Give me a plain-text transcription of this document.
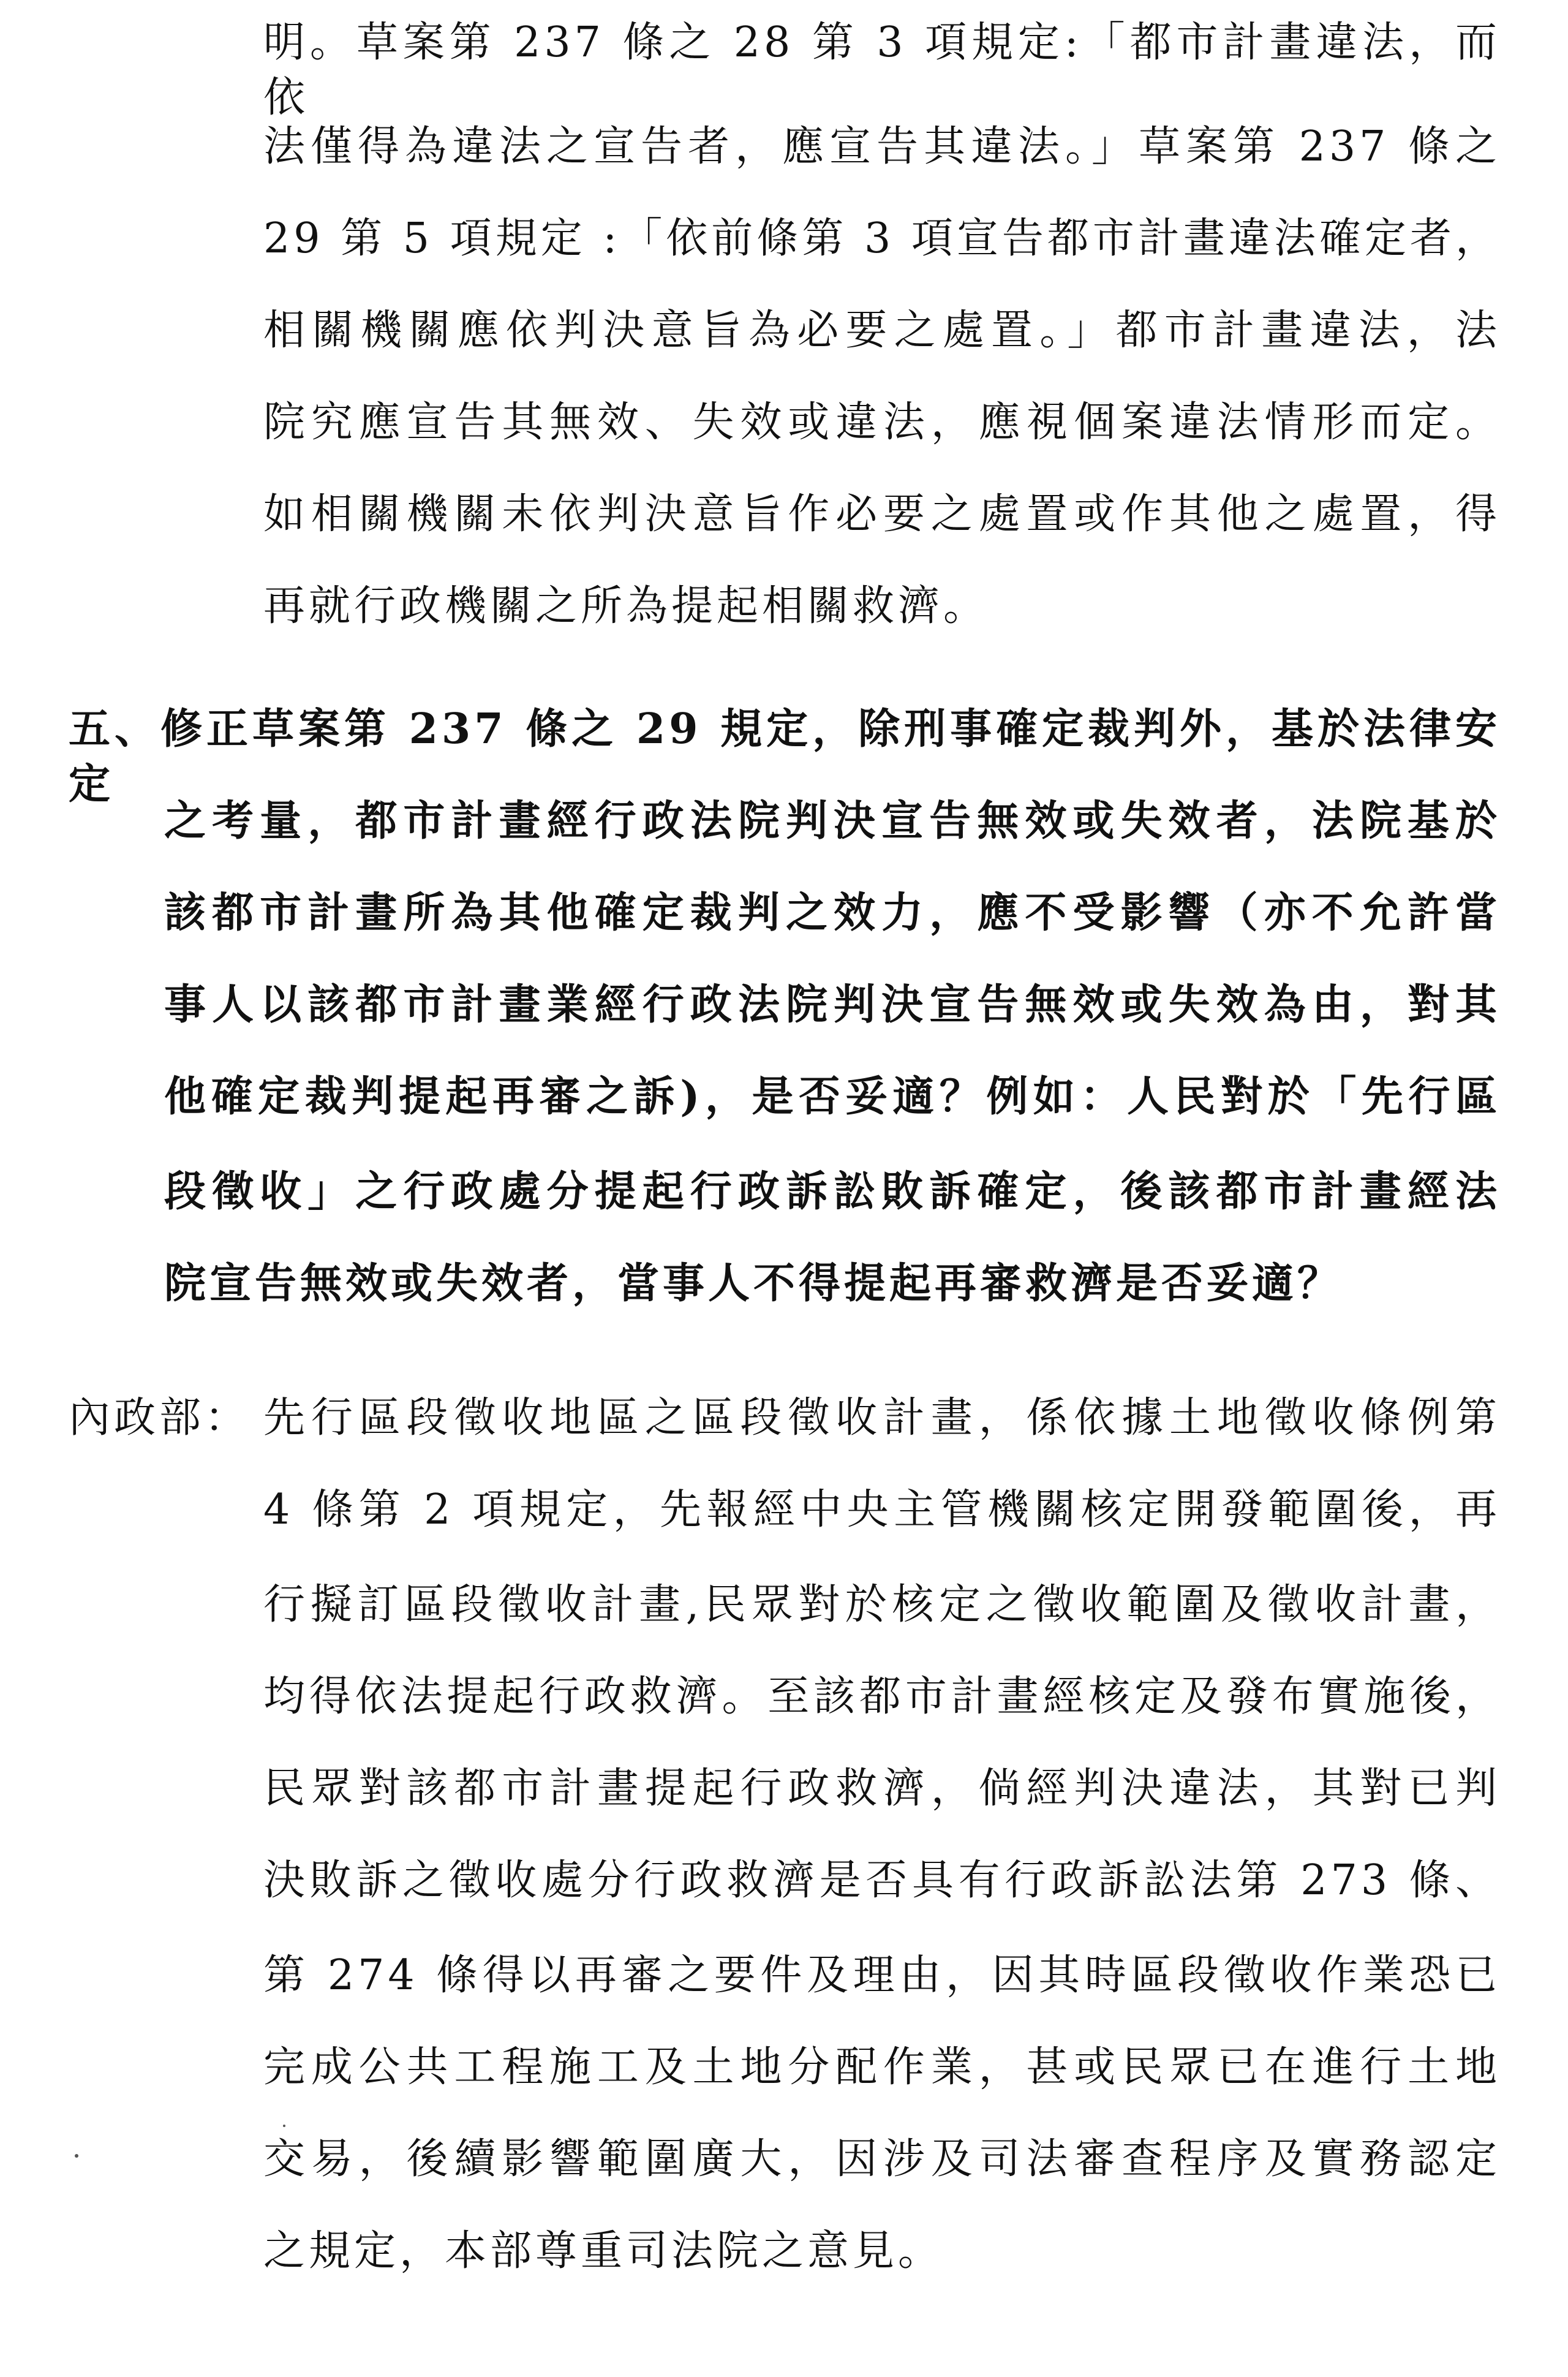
明。草案第 237 條之 28 第 3 項規定:「都市計畫違法，而依
法僅得為違法之宣告者，應宣告其違法。」草案第 237 條之
29 第 5 項規定 :「依前條第 3 項宣告都市計畫違法確定者，
相關機關應依判決意旨為必要之處置。」都市計畫違法，法
院究應宣告其無效、失效或違法，應視個案違法情形而定。
如相關機關未依判決意旨作必要之處置或作其他之處置，得
再就行政機關之所為提起相關救濟。
五、修正草案第 237 條之 29 規定，除刑事確定裁判外，基於法律安定
之考量，都市計畫經行政法院判決宣告無效或失效者，法院基於
該都市計畫所為其他確定裁判之效力，應不受影響（亦不允許當
事人以該都市計畫業經行政法院判決宣告無效或失效為由，對其
他確定裁判提起再審之訴)，是否妥適？例如：人民對於「先行區
段徵收」之行政處分提起行政訴訟敗訴確定，後該都市計畫經法
院宣告無效或失效者，當事人不得提起再審救濟是否妥適？
內政部： 先行區段徵收地區之區段徵收計畫，係依據土地徵收條例第
4 條第 2 項規定，先報經中央主管機關核定開發範圍後，再
行擬訂區段徵收計畫,民眾對於核定之徵收範圍及徵收計畫，
均得依法提起行政救濟。至該都市計畫經核定及發布實施後，
民眾對該都市計畫提起行政救濟，倘經判決違法，其對已判
決敗訴之徵收處分行政救濟是否具有行政訴訟法第 273 條、
第 274 條得以再審之要件及理由，因其時區段徵收作業恐已
完成公共工程施工及土地分配作業，甚或民眾已在進行土地
交易，後續影響範圍廣大，因涉及司法審查程序及實務認定
之規定，本部尊重司法院之意見。
